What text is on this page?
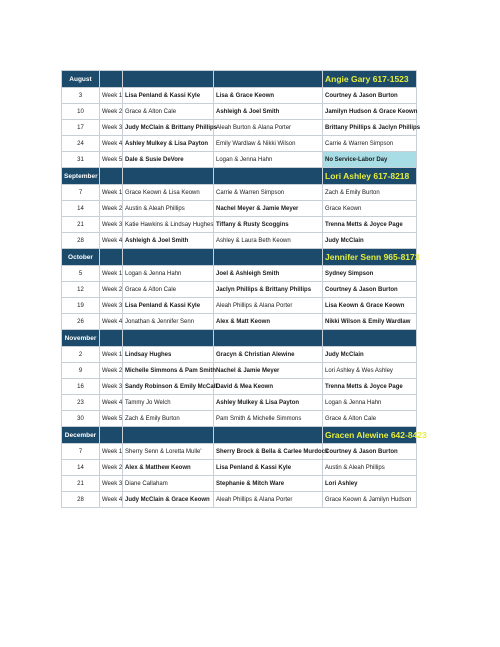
August				Angie Gary 617-1523
3	Week 1	Lisa Penland & Kassi Kyle	Lisa & Grace Keown	Courtney & Jason Burton
10	Week 2	Grace & Alton Cale	Ashleigh & Joel Smith	Jamilyn Hudson & Grace Keown
17	Week 3	Judy McClain & Brittany Phillips	Aleah Burton & Alana Porter	Brittany Phillips & Jaclyn Phillips
24	Week 4	Ashley Mulkey & Lisa Payton	Emily Wardlaw & Nikki Wilson	Carrie & Warren Simpson
31	Week 5	Dale & Susie DeVore	Logan & Jenna Hahn	No Service-Labor Day
September				Lori Ashley 617-8218
7	Week 1	Grace Keown & Lisa Keown	Carrie & Warren Simpson	Zach & Emily Burton
14	Week 2	Austin & Aleah Phillips	Nachel Meyer & Jamie Meyer	Grace Keown
21	Week 3	Katie Hawkins & Lindsay Hughes	Tiffany & Rusty Scoggins	Trenna Metts & Joyce Page
28	Week 4	Ashleigh & Joel Smith	Ashley & Laura Beth Keown	Judy McClain
October				Jennifer Senn 965-8173
5	Week 1	Logan & Jenna Hahn	Joel & Ashleigh Smith	Sydney Simpson
12	Week 2	Grace & Alton Cale	Jaclyn Phillips & Brittany Phillips	Courtney & Jason Burton
19	Week 3	Lisa Penland & Kassi Kyle	Aleah Phillips & Alana Porter	Lisa Keown & Grace Keown
26	Week 4	Jonathan & Jennifer Senn	Alex & Matt Keown	Nikki Wilson & Emily Wardlaw
November				
2	Week 1	Lindsay Hughes	Gracyn & Christian Alewine	Judy McClain
9	Week 2	Michelle Simmons & Pam Smith	Nachel & Jamie Meyer	Lori Ashley & Wes Ashley
16	Week 3	Sandy Robinson & Emily McCall	David & Mea Keown	Trenna Metts & Joyce Page
23	Week 4	Tammy Jo Welch	Ashley Mulkey & Lisa Payton	Logan & Jenna Hahn
30	Week 5	Zach & Emily Burton	Pam Smith & Michelle Simmons	Grace & Alton Cale
December				Gracen Alewine 642-8423
7	Week 1	Sherry Senn & Loretta Mulle'	Sherry Brock & Bella & Carlee Murdock	Courtney & Jason Burton
14	Week 2	Alex & Matthew Keown	Lisa Penland & Kassi Kyle	Austin & Aleah Phillips
21	Week 3	Diane Callaham	Stephanie & Mitch Ware	Lori Ashley
28	Week 4	Judy McClain & Grace Keown	Aleah Phillips & Alana Porter	Grace Keown & Jamilyn Hudson
